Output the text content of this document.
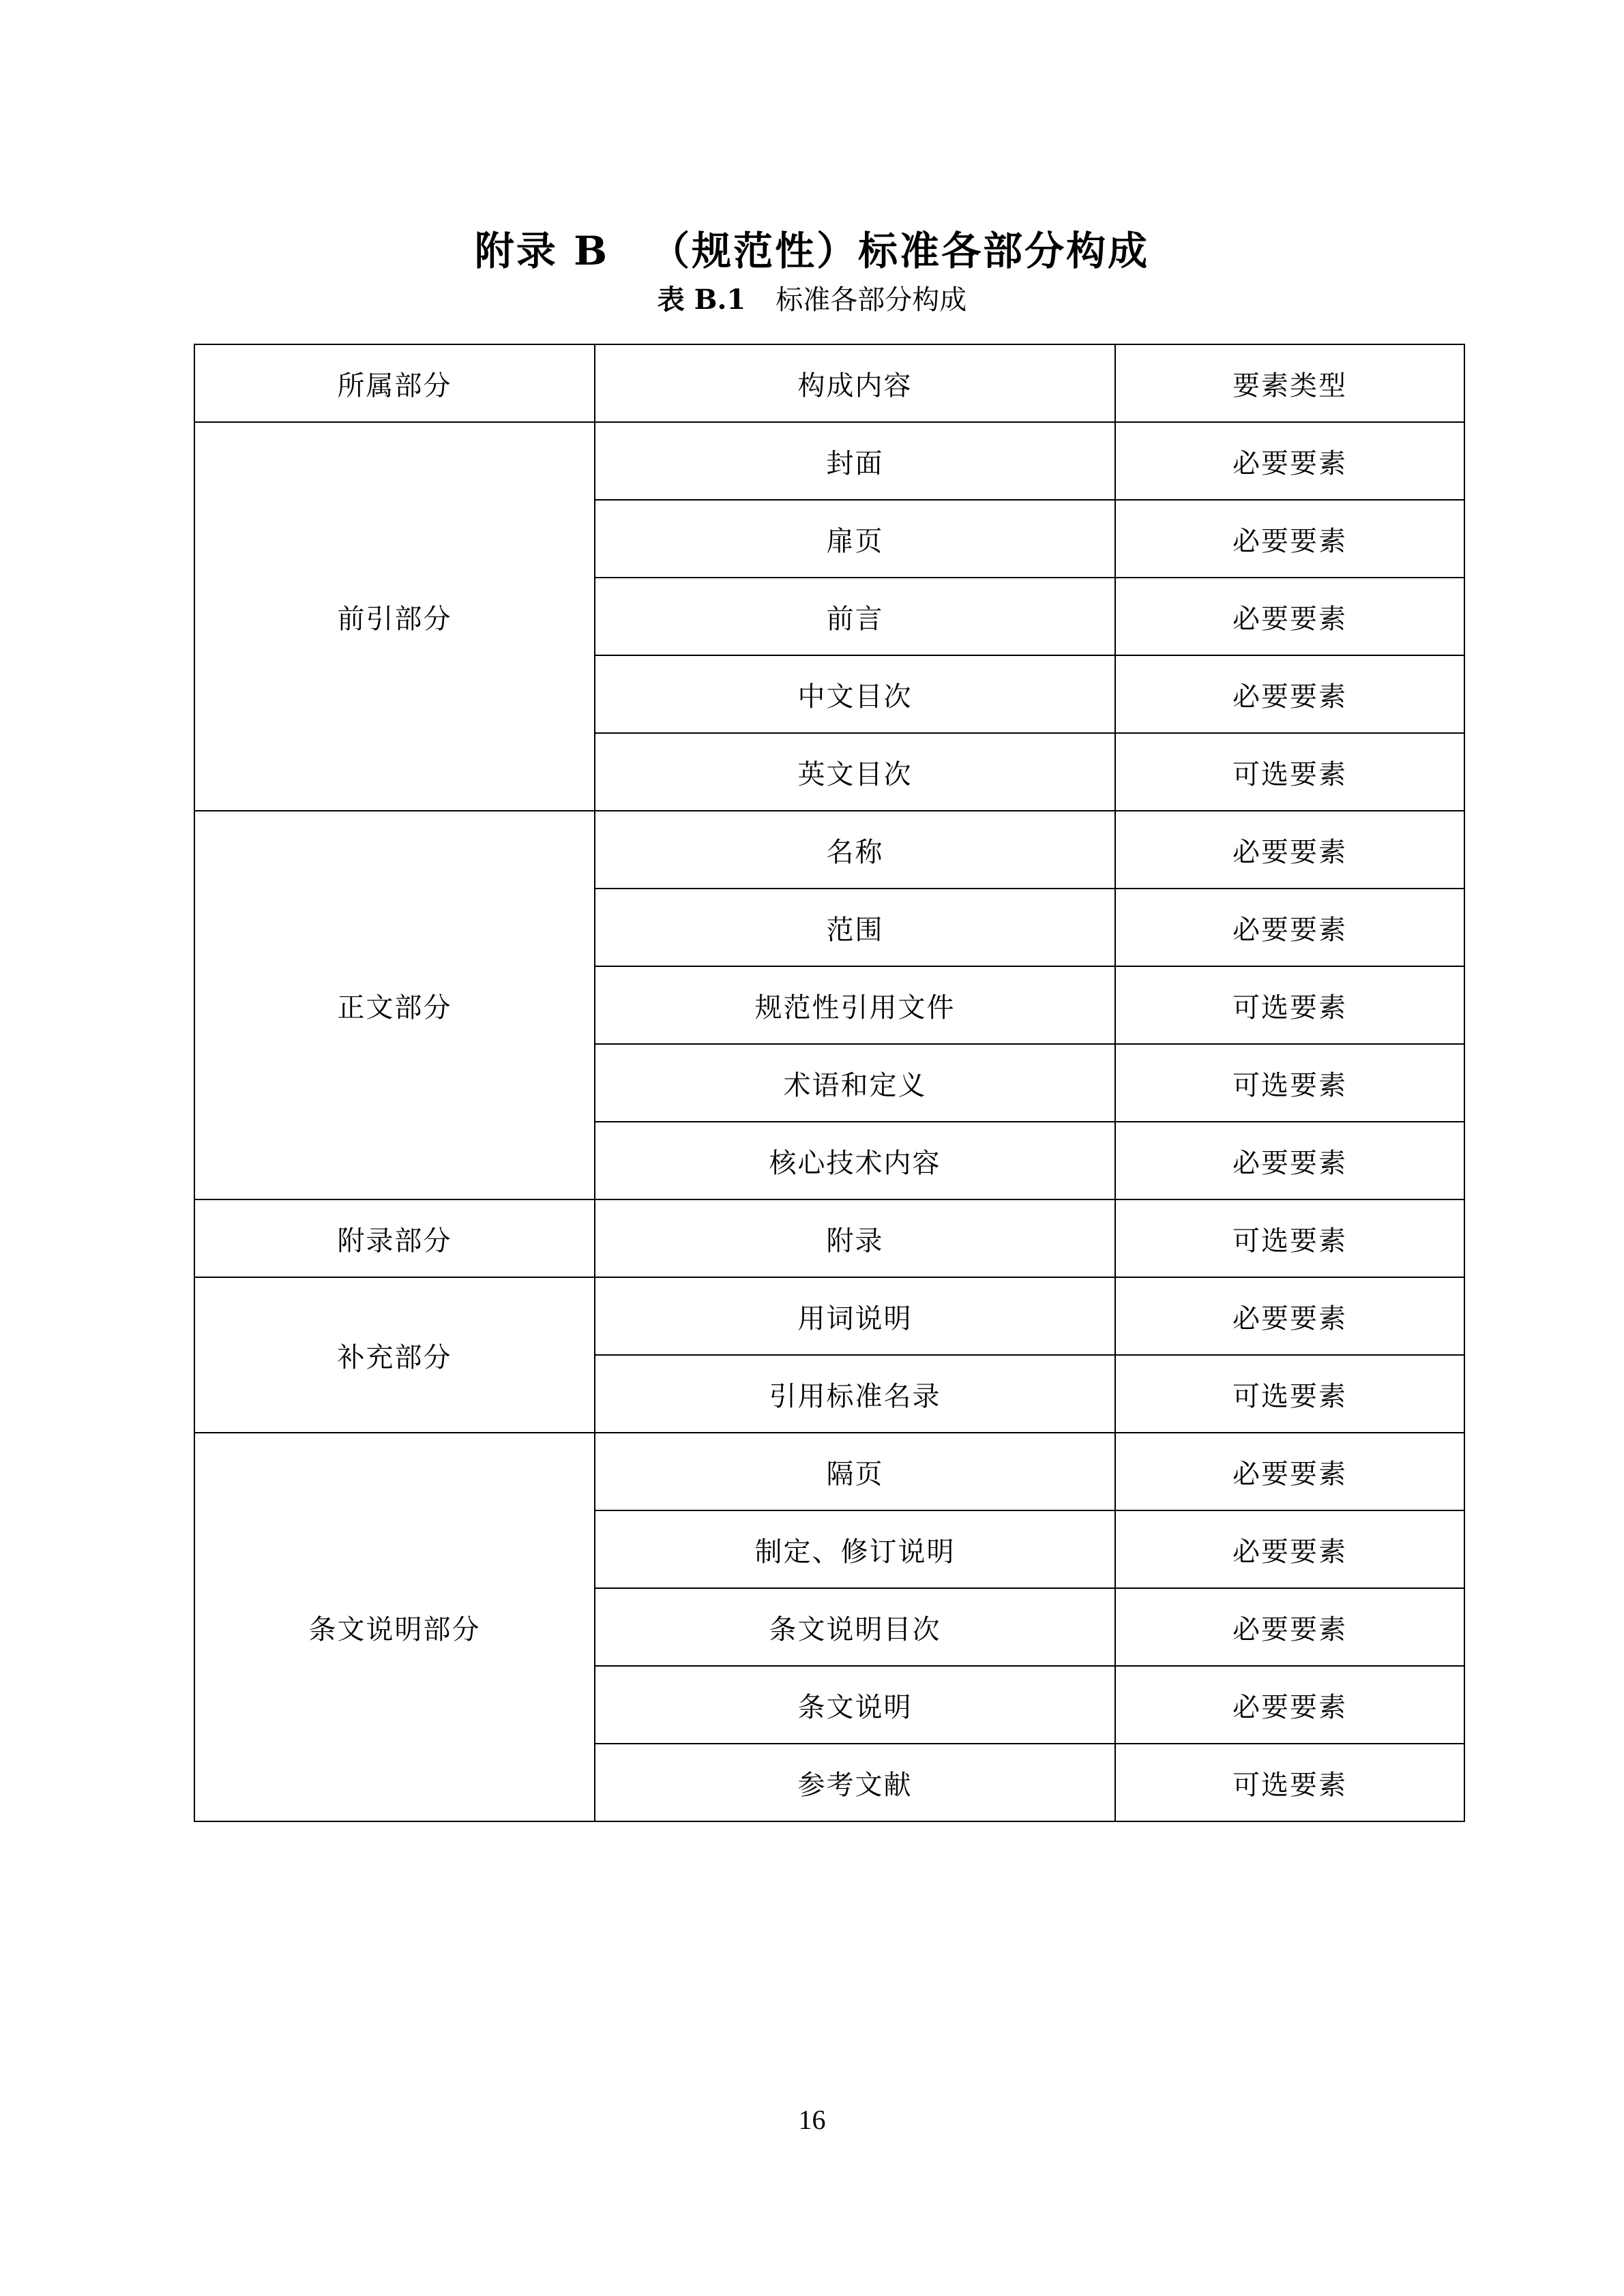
附录 B （规范性）标准各部分构成
表 B.1 标准各部分构成
所属部分	构成内容	要素类型
前引部分	封面	必要要素
	扉页	必要要素
	前言	必要要素
	中文目次	必要要素
	英文目次	可选要素
正文部分	名称	必要要素
	范围	必要要素
	规范性引用文件	可选要素
	术语和定义	可选要素
	核心技术内容	必要要素
附录部分	附录	可选要素
补充部分	用词说明	必要要素
	引用标准名录	可选要素
条文说明部分	隔页	必要要素
	制定、修订说明	必要要素
	条文说明目次	必要要素
	条文说明	必要要素
	参考文献	可选要素
16
